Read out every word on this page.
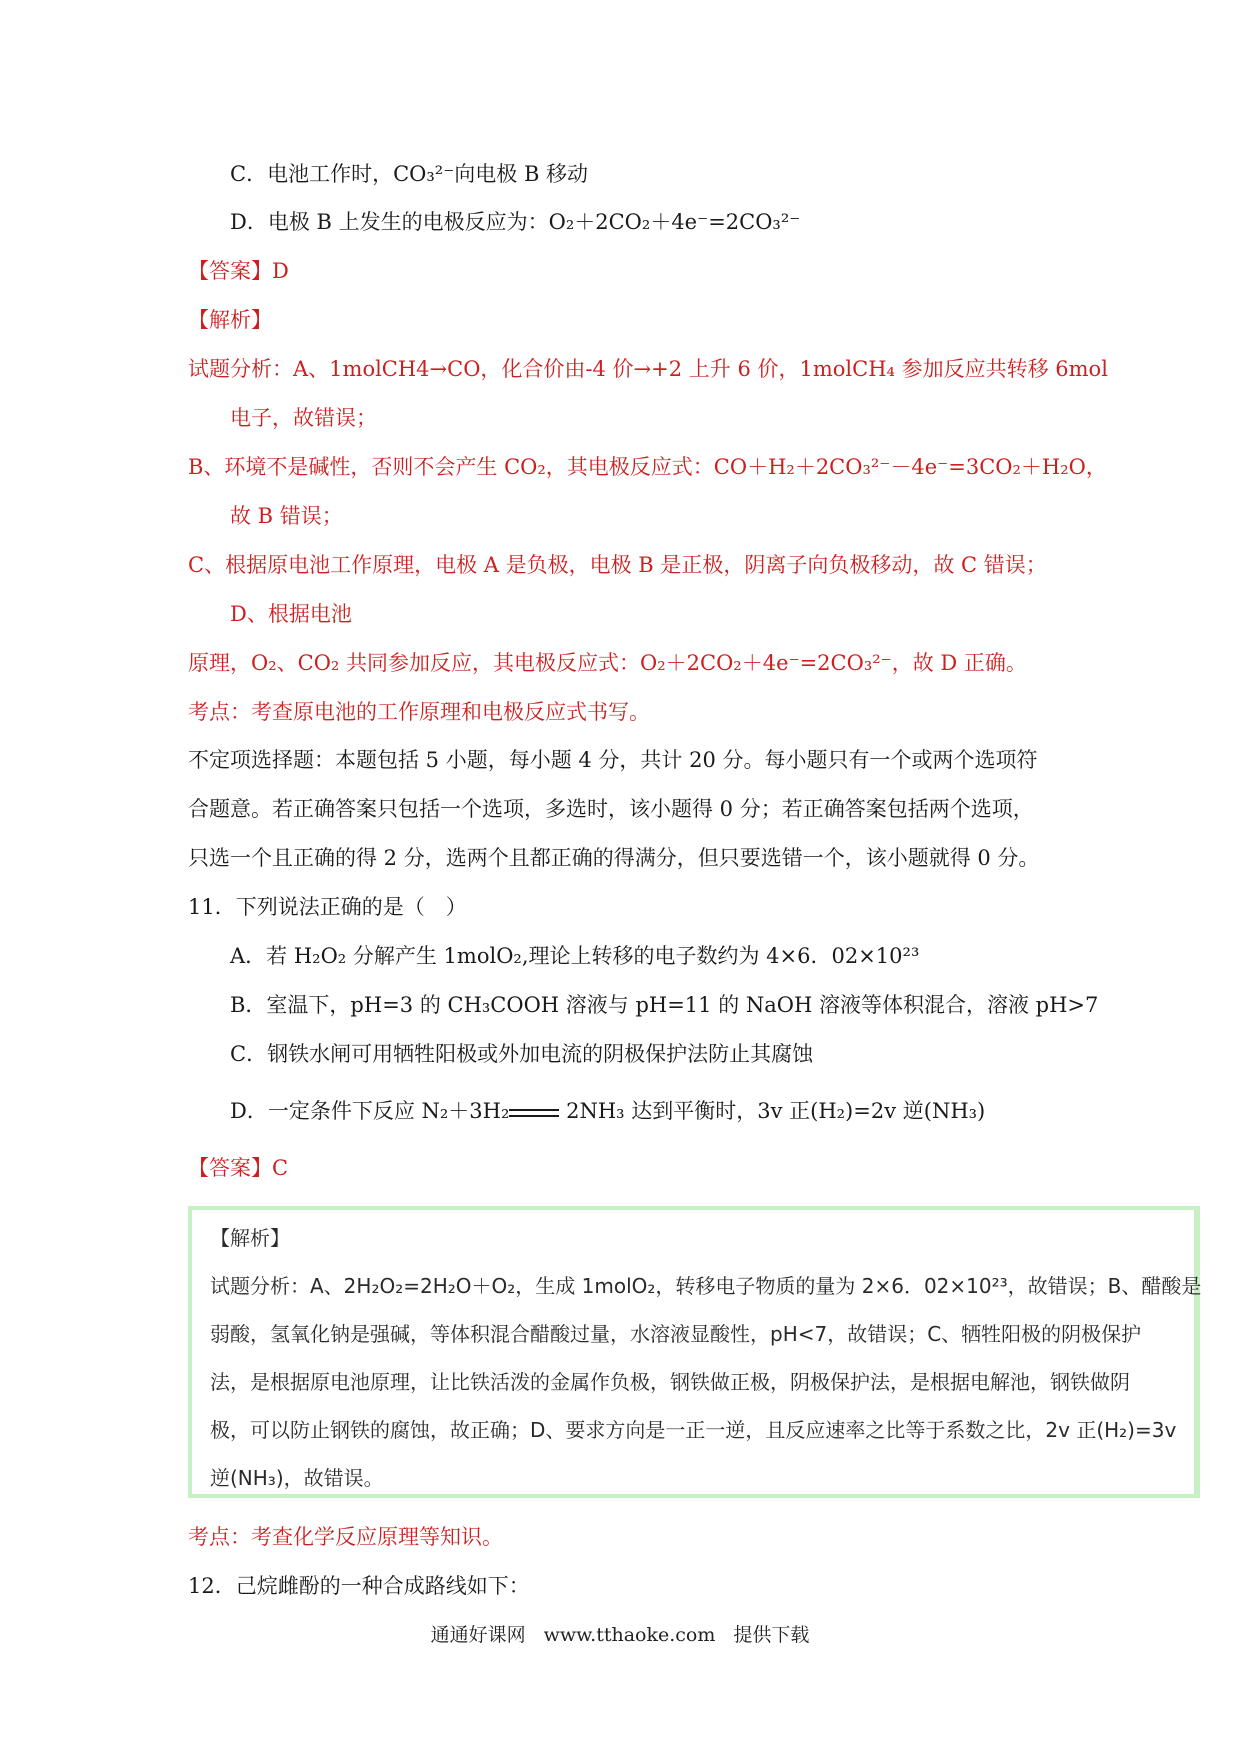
C．电池工作时，CO₃²⁻向电极 B 移动
D．电极 B 上发生的电极反应为：O₂＋2CO₂＋4e⁻=2CO₃²⁻
【答案】D
【解析】
试题分析：A、1molCH4→CO，化合价由-4 价→+2 上升 6 价，1molCH₄ 参加反应共转移 6mol
电子，故错误；
B、环境不是碱性，否则不会产生 CO₂，其电极反应式：CO＋H₂＋2CO₃²⁻－4e⁻=3CO₂＋H₂O，
故 B 错误；
C、根据原电池工作原理，电极 A 是负极，电极 B 是正极，阴离子向负极移动，故 C 错误；
D、根据电池
原理，O₂、CO₂ 共同参加反应，其电极反应式：O₂＋2CO₂＋4e⁻=2CO₃²⁻，故 D 正确。
考点：考查原电池的工作原理和电极反应式书写。
不定项选择题：本题包括 5 小题，每小题 4 分，共计 20 分。每小题只有一个或两个选项符
合题意。若正确答案只包括一个选项，多选时，该小题得 0 分；若正确答案包括两个选项，
只选一个且正确的得 2 分，选两个且都正确的得满分，但只要选错一个，该小题就得 0 分。
11．下列说法正确的是（　）
A．若 H₂O₂ 分解产生 1molO₂,理论上转移的电子数约为 4×6．02×10²³
B．室温下，pH=3 的 CH₃COOH 溶液与 pH=11 的 NaOH 溶液等体积混合，溶液 pH>7
C．钢铁水闸可用牺牲阳极或外加电流的阴极保护法防止其腐蚀
D．一定条件下反应 N₂＋3H₂	2NH₃ 达到平衡时，3v 正(H₂)=2v 逆(NH₃)
【答案】C
【解析】
试题分析：A、2H₂O₂=2H₂O＋O₂，生成 1molO₂，转移电子物质的量为 2×6．02×10²³，故错误；B、醋酸是
弱酸，氢氧化钠是强碱，等体积混合醋酸过量，水溶液显酸性，pH<7，故错误；C、牺牲阳极的阴极保护
法，是根据原电池原理，让比铁活泼的金属作负极，钢铁做正极，阴极保护法，是根据电解池，钢铁做阴
极，可以防止钢铁的腐蚀，故正确；D、要求方向是一正一逆，且反应速率之比等于系数之比，2v 正(H₂)=3v
逆(NH₃)，故错误。
考点：考查化学反应原理等知识。
12．己烷雌酚的一种合成路线如下：
通通好课网 www.tthaoke.com 提供下载
